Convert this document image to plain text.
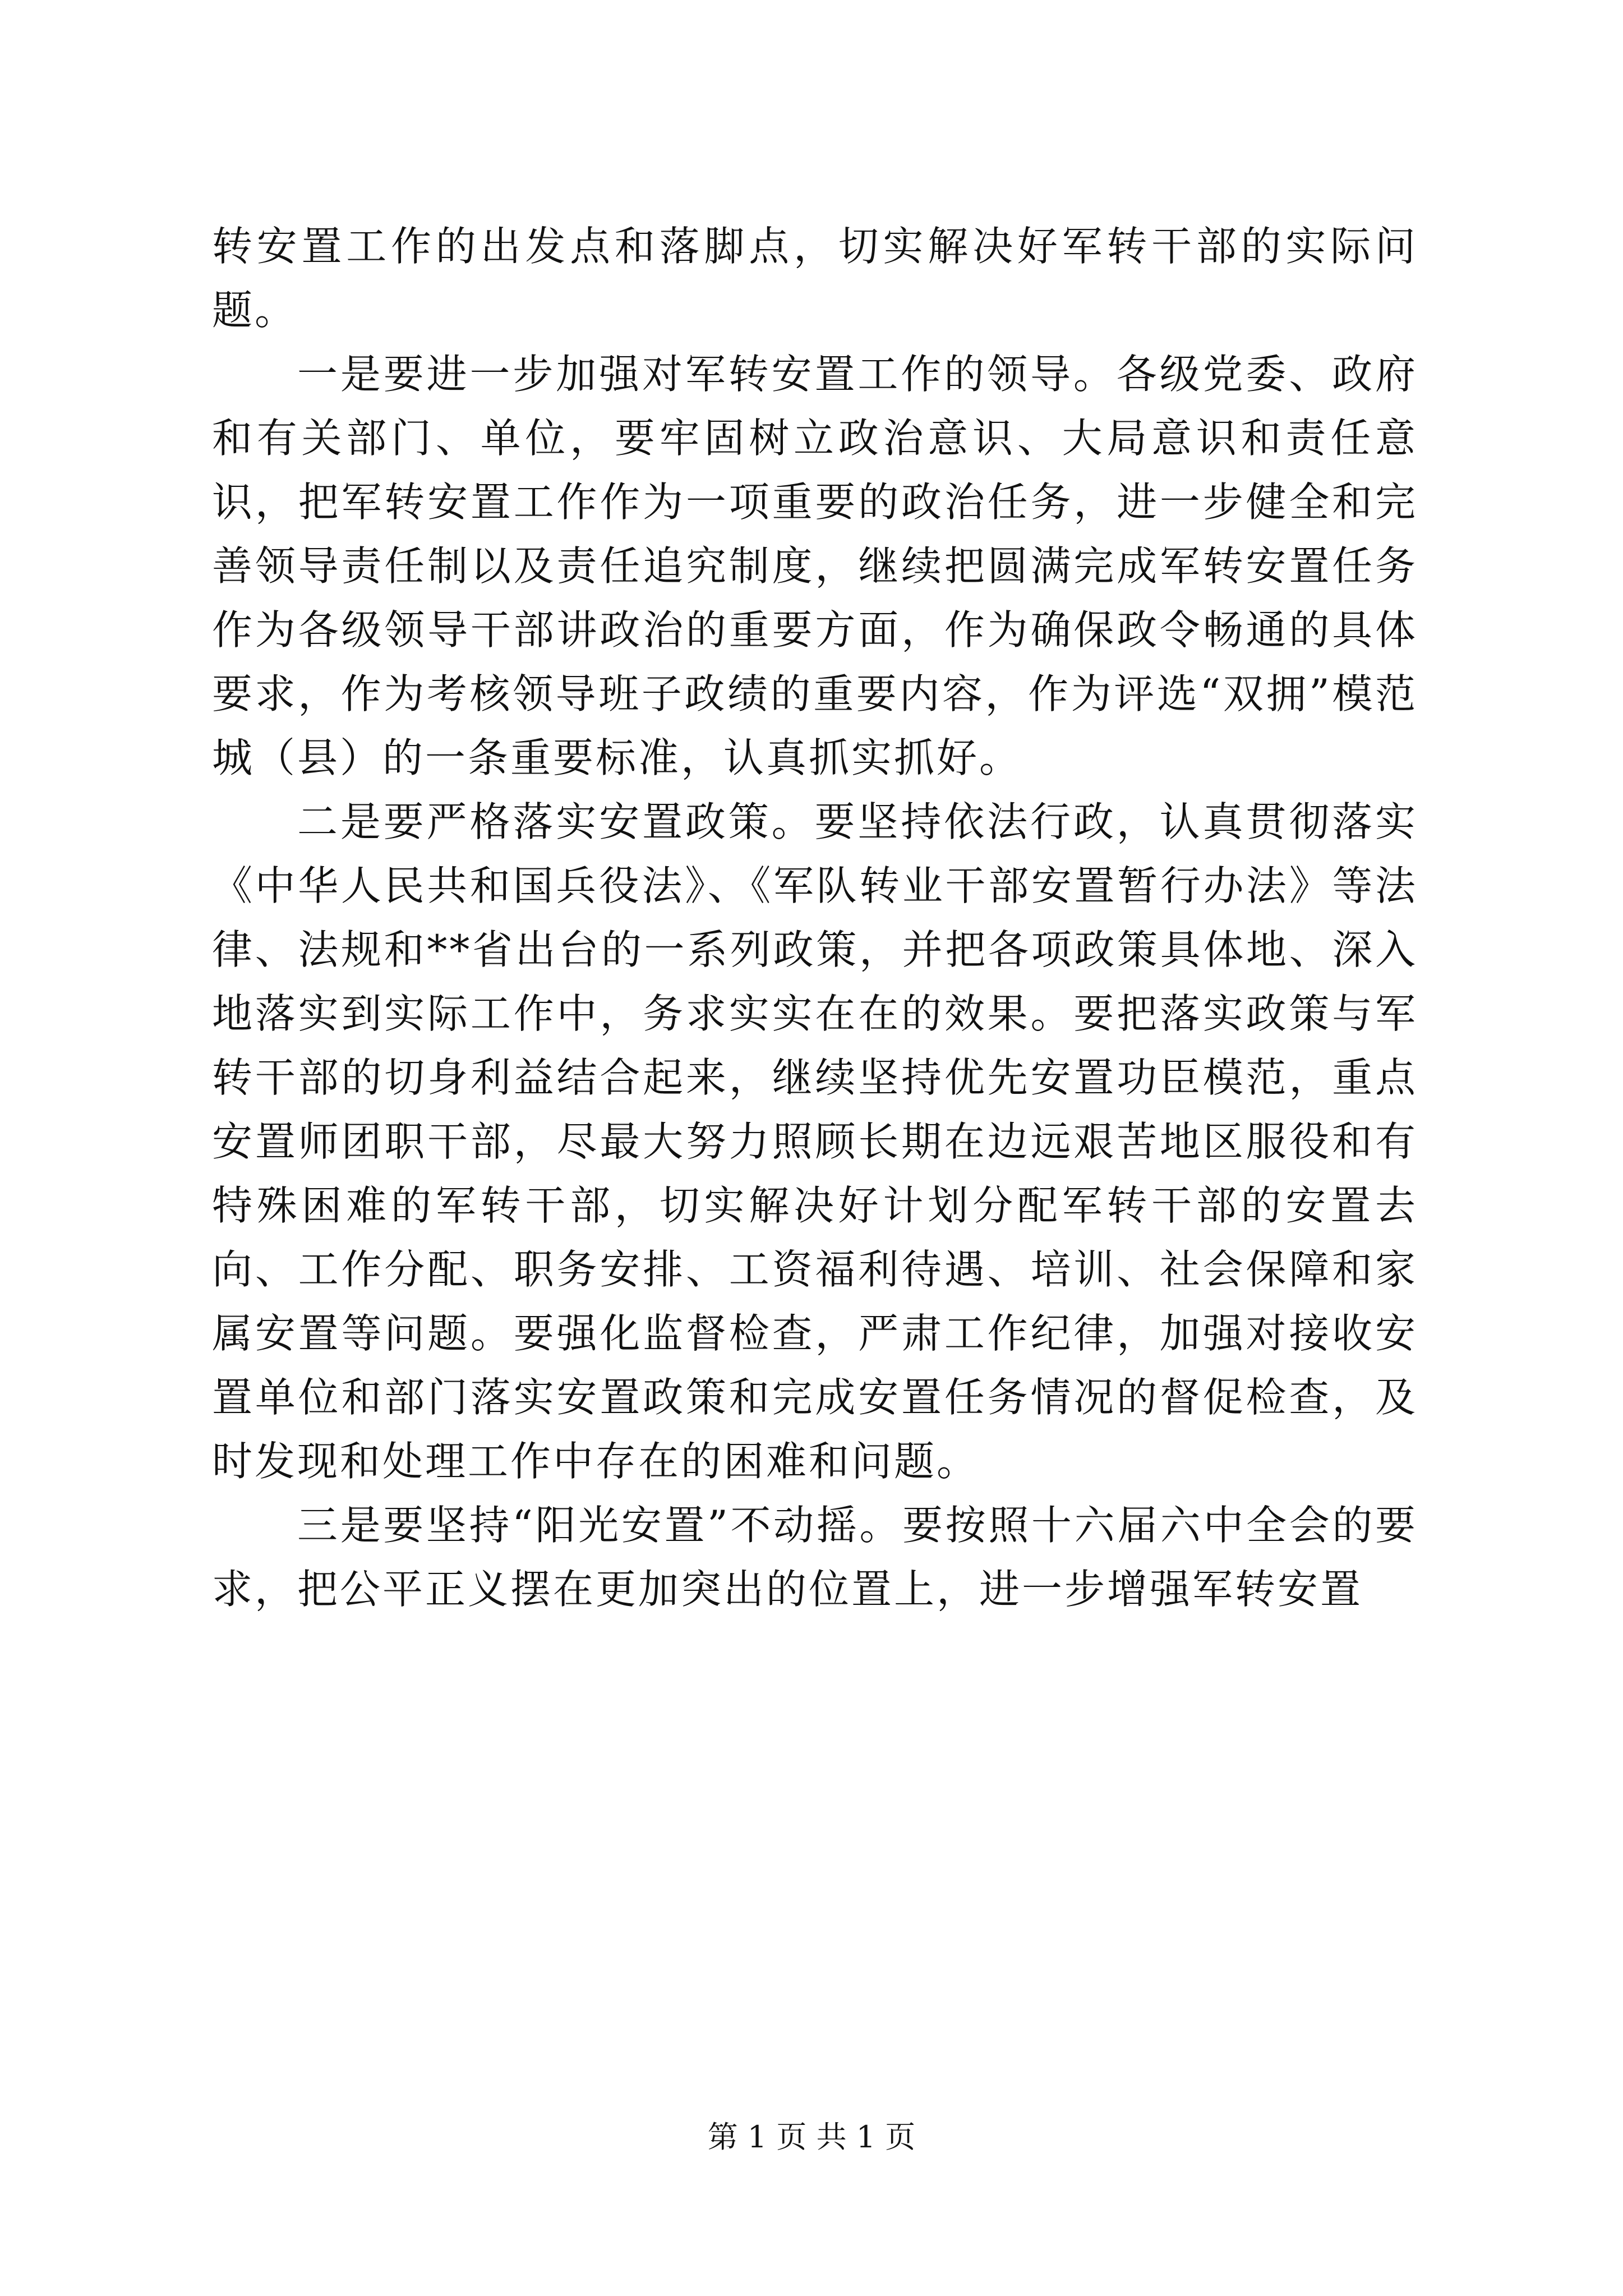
转安置工作的出发点和落脚点，切实解决好军转干部的实际问题。

一是要进一步加强对军转安置工作的领导。各级党委、政府和有关部门、单位，要牢固树立政治意识、大局意识和责任意识，把军转安置工作作为一项重要的政治任务，进一步健全和完善领导责任制以及责任追究制度，继续把圆满完成军转安置任务作为各级领导干部讲政治的重要方面，作为确保政令畅通的具体要求，作为考核领导班子政绩的重要内容，作为评选“双拥”模范城（县）的一条重要标准，认真抓实抓好。

二是要严格落实安置政策。要坚持依法行政，认真贯彻落实《中华人民共和国兵役法》、《军队转业干部安置暂行办法》等法律、法规和**省出台的一系列政策，并把各项政策具体地、深入地落实到实际工作中，务求实实在在的效果。要把落实政策与军转干部的切身利益结合起来，继续坚持优先安置功臣模范，重点安置师团职干部，尽最大努力照顾长期在边远艰苦地区服役和有特殊困难的军转干部，切实解决好计划分配军转干部的安置去向、工作分配、职务安排、工资福利待遇、培训、社会保障和家属安置等问题。要强化监督检查，严肃工作纪律，加强对接收安置单位和部门落实安置政策和完成安置任务情况的督促检查，及时发现和处理工作中存在的困难和问题。

三是要坚持“阳光安置”不动摇。要按照十六届六中全会的要求，把公平正义摆在更加突出的位置上，进一步增强军转安置

第 1 页 共 1 页
